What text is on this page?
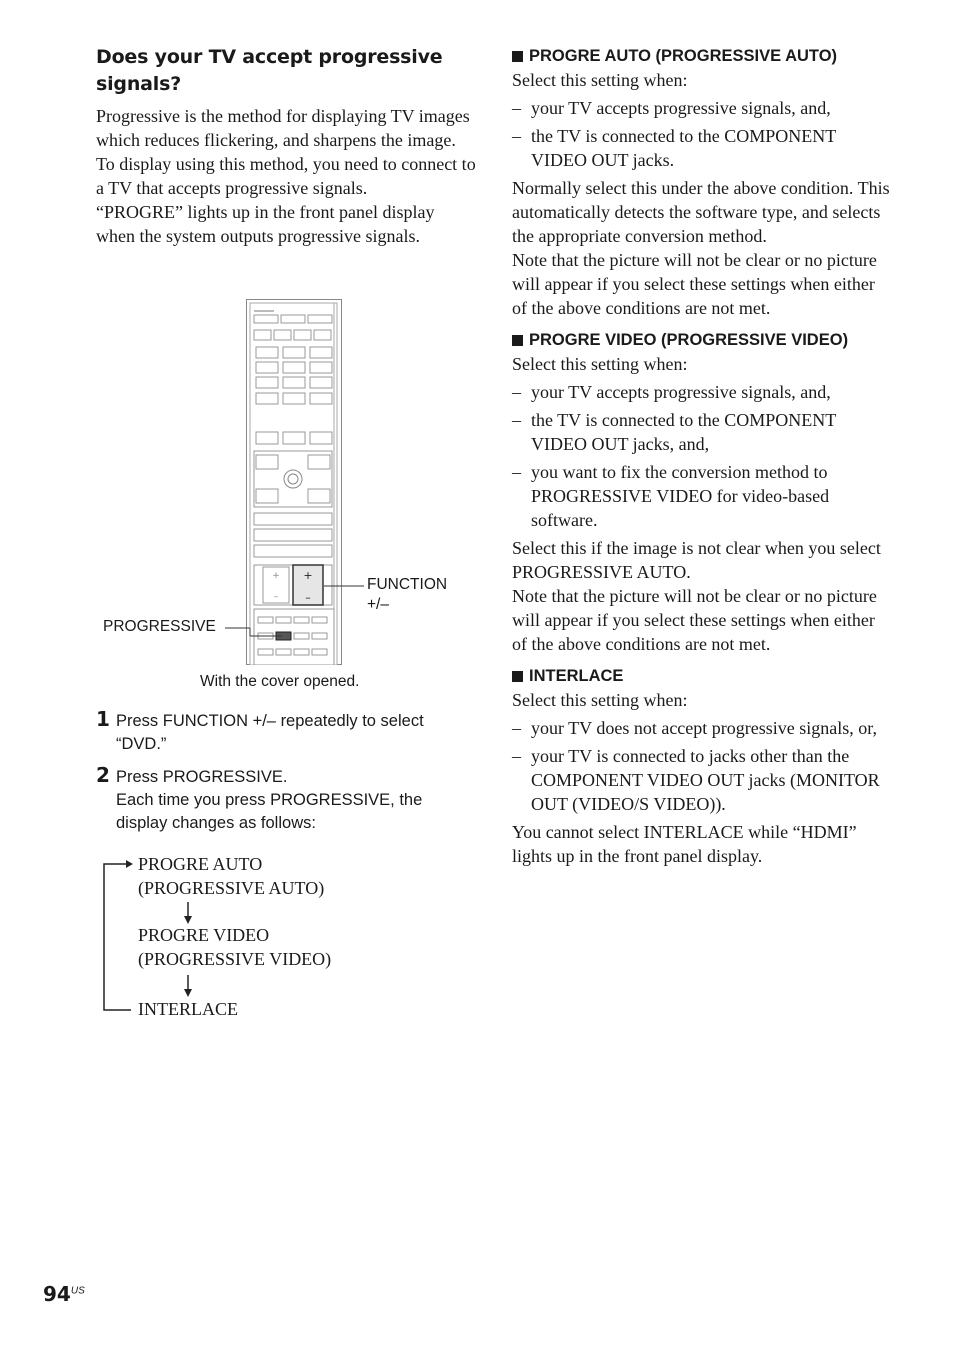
Does your TV accept progressive signals?

Progressive is the method for displaying TV images which reduces flickering, and sharpens the image. To display using this method, you need to connect to a TV that accepts progressive signals.

“PROGRE” lights up in the front panel display when the system outputs progressive signals.

+
–
+
–
FUNCTION
+/–
PROGRESSIVE
With the cover opened.
1 Press FUNCTION +/– repeatedly to select “DVD.”
2 Press PROGRESSIVE.
Each time you press PROGRESSIVE, the display changes as follows:
PROGRE AUTO
(PROGRESSIVE AUTO)
PROGRE VIDEO
(PROGRESSIVE VIDEO)
INTERLACE
PROGRE AUTO (PROGRESSIVE AUTO)

Select this setting when:

– your TV accepts progressive signals, and,
– the TV is connected to the COMPONENT VIDEO OUT jacks.

Normally select this under the above condition. This automatically detects the software type, and selects the appropriate conversion method.

Note that the picture will not be clear or no picture will appear if you select these settings when either of the above conditions are not met.

PROGRE VIDEO (PROGRESSIVE VIDEO)

Select this setting when:

– your TV accepts progressive signals, and,
– the TV is connected to the COMPONENT VIDEO OUT jacks, and,
– you want to fix the conversion method to PROGRESSIVE VIDEO for video-based software.

Select this if the image is not clear when you select PROGRESSIVE AUTO.

Note that the picture will not be clear or no picture will appear if you select these settings when either of the above conditions are not met.

INTERLACE

Select this setting when:

– your TV does not accept progressive signals, or,
– your TV is connected to jacks other than the COMPONENT VIDEO OUT jacks (MONITOR OUT (VIDEO/S VIDEO)).

You cannot select INTERLACE while “HDMI” lights up in the front panel display.

$94^{US}$
